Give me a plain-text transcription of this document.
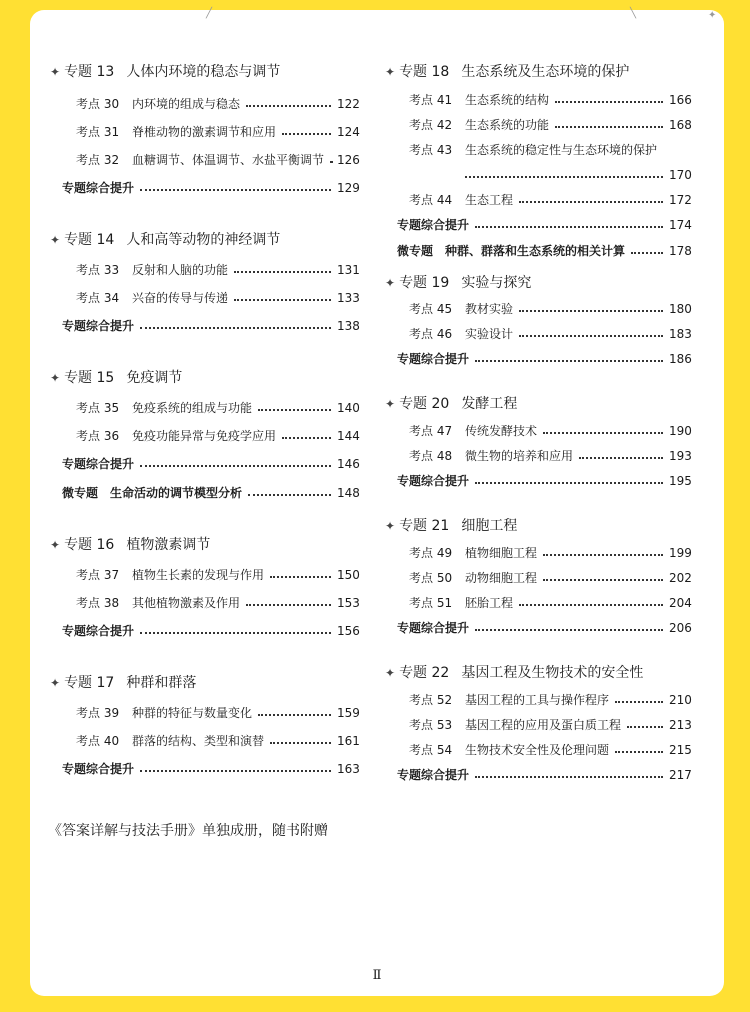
╱	╲	✦
✦ 专题 13 人体内环境的稳态与调节
考点 30	内环境的组成与稳态	122
考点 31	脊椎动物的激素调节和应用	124
考点 32	血糖调节、体温调节、水盐平衡调节 126
专题综合提升	129
✦ 专题 14 人和高等动物的神经调节
考点 33	反射和人脑的功能	131
考点 34	兴奋的传导与传递	133
专题综合提升	138
✦ 专题 15 免疫调节
考点 35	免疫系统的组成与功能	140
考点 36	免疫功能异常与免疫学应用	144
专题综合提升	146
微专题　生命活动的调节模型分析	148
✦ 专题 16 植物激素调节
考点 37	植物生长素的发现与作用	150
考点 38	其他植物激素及作用	153
专题综合提升	156
✦ 专题 17 种群和群落
考点 39	种群的特征与数量变化	159
考点 40	群落的结构、类型和演替	161
专题综合提升	163
✦ 专题 18 生态系统及生态环境的保护
考点 41	生态系统的结构	166
考点 42	生态系统的功能	168
考点 43	生态系统的稳定性与生态环境的保护
170
考点 44	生态工程	172
专题综合提升	174
微专题　种群、群落和生态系统的相关计算	178
✦ 专题 19 实验与探究
考点 45	教材实验	180
考点 46	实验设计	183
专题综合提升	186
✦ 专题 20 发酵工程
考点 47	传统发酵技术	190
考点 48	微生物的培养和应用	193
专题综合提升	195
✦ 专题 21 细胞工程
考点 49	植物细胞工程	199
考点 50	动物细胞工程	202
考点 51	胚胎工程	204
专题综合提升	206
✦ 专题 22 基因工程及生物技术的安全性
考点 52	基因工程的工具与操作程序	210
考点 53	基因工程的应用及蛋白质工程	213
考点 54	生物技术安全性及伦理问题	215
专题综合提升	217
《答案详解与技法手册》单独成册，随书附赠
Ⅱ
